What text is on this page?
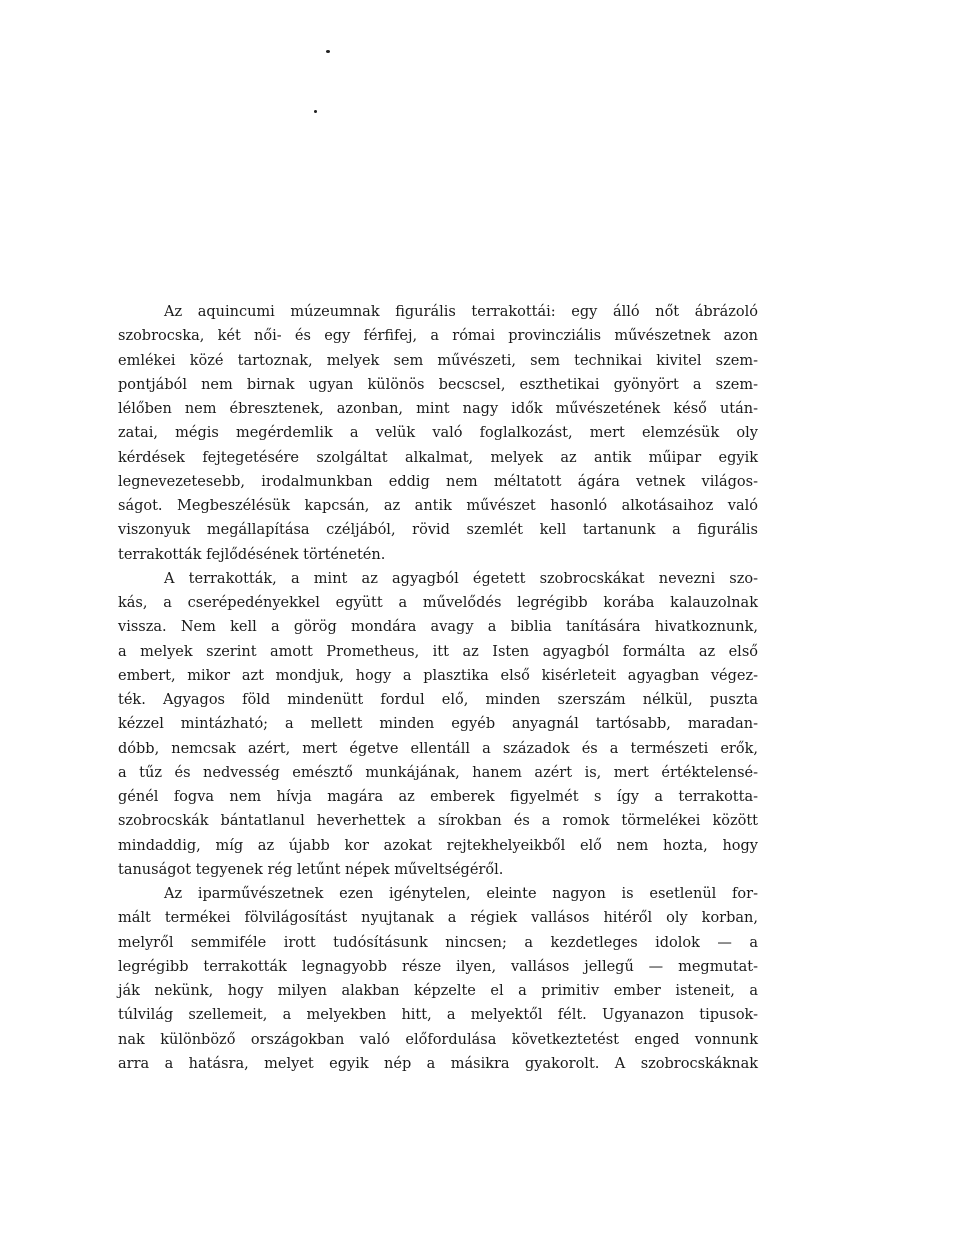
Az aquincumi múzeumnak figurális terrakottái: egy álló nőt ábrázoló
szobrocska, két női- és egy férfifej, a római provincziális művészetnek azon
emlékei közé tartoznak, melyek sem művészeti, sem technikai kivitel szem-
pontjából nem birnak ugyan különös becscsel, eszthetikai gyönyört a szem-
lélőben nem ébresztenek, azonban, mint nagy idők művészetének késő után-
zatai, mégis megérdemlik a velük való foglalkozást, mert elemzésük oly
kérdések fejtegetésére szolgáltat alkalmat, melyek az antik műipar egyik
legnevezetesebb, irodalmunkban eddig nem méltatott ágára vetnek világos-
ságot. Megbeszélésük kapcsán, az antik művészet hasonló alkotásaihoz való
viszonyuk megállapítása czéljából, rövid szemlét kell tartanunk a figurális
terrakották fejlődésének történetén.
A terrakották, a mint az agyagból égetett szobrocskákat nevezni szo-
kás, a cserépedényekkel együtt a művelődés legrégibb korába kalauzolnak
vissza. Nem kell a görög mondára avagy a biblia tanítására hivatkoznunk,
a melyek szerint amott Prometheus, itt az Isten agyagból formálta az első
embert, mikor azt mondjuk, hogy a plasztika első kisérleteit agyagban végez-
ték. Agyagos föld mindenütt fordul elő, minden szerszám nélkül, puszta
kézzel mintázható; a mellett minden egyéb anyagnál tartósabb, maradan-
dóbb, nemcsak azért, mert égetve ellentáll a századok és a természeti erők,
a tűz és nedvesség emésztő munkájának, hanem azért is, mert értéktelensé-
génél fogva nem hívja magára az emberek figyelmét s így a terrakotta-
szobrocskák bántatlanul heverhettek a sírokban és a romok törmelékei között
mindaddig, míg az újabb kor azokat rejtekhelyeikből elő nem hozta, hogy
tanuságot tegyenek rég letűnt népek műveltségéről.
Az iparművészetnek ezen igénytelen, eleinte nagyon is esetlenül for-
mált termékei fölvilágosítást nyujtanak a régiek vallásos hitéről oly korban,
melyről semmiféle irott tudósításunk nincsen; a kezdetleges idolok — a
legrégibb terrakották legnagyobb része ilyen, vallásos jellegű — megmutat-
ják nekünk, hogy milyen alakban képzelte el a primitiv ember isteneit, a
túlvilág szellemeit, a melyekben hitt, a melyektől félt. Ugyanazon tipusok-
nak különböző országokban való előfordulása következtetést enged vonnunk
arra a hatásra, melyet egyik nép a másikra gyakorolt. A szobrocskáknak
